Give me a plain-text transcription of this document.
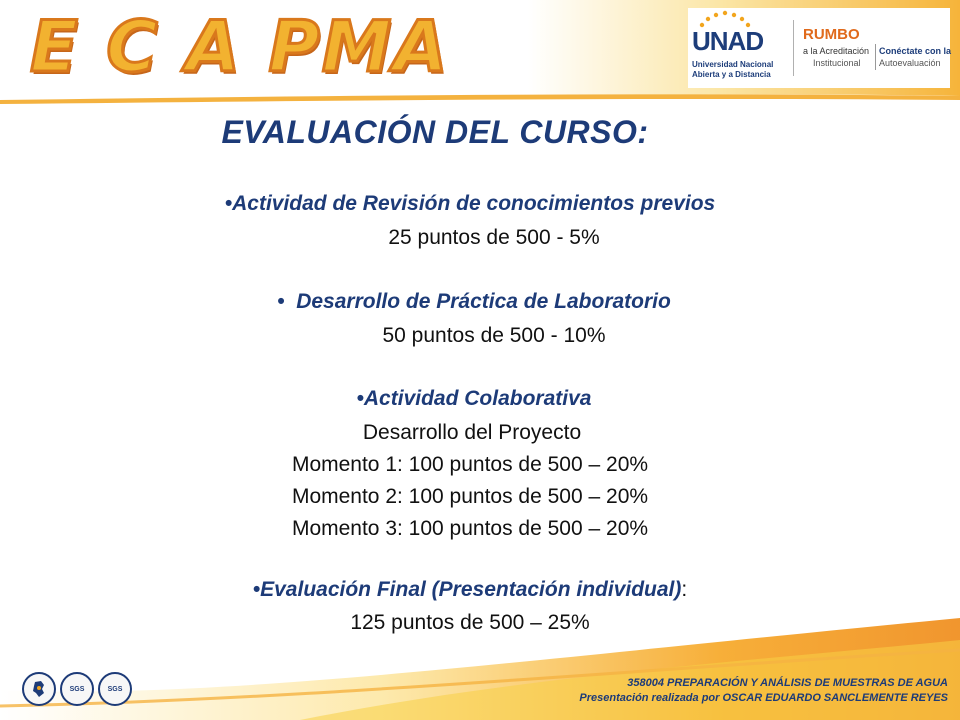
E C A PMA	UNAD
Universidad Nacional
Abierta y a Distancia
RUMBO
a la Acreditación
Institucional
Conéctate con la
Autoevaluación
EVALUACIÓN DEL CURSO:
•Actividad de Revisión de conocimientos previos
25 puntos de 500 - 5%
• Desarrollo de Práctica de Laboratorio
50 puntos de 500 - 10%
•Actividad Colaborativa
Desarrollo del Proyecto
Momento 1: 100 puntos de 500 – 20%
Momento 2: 100 puntos de 500 – 20%
Momento 3: 100 puntos de 500 – 20%
•Evaluación Final (Presentación individual):
125 puntos de 500 – 25%
SGS	SGS	358004 PREPARACIÓN Y ANÁLISIS DE MUESTRAS DE AGUA
Presentación realizada por OSCAR EDUARDO SANCLEMENTE REYES
